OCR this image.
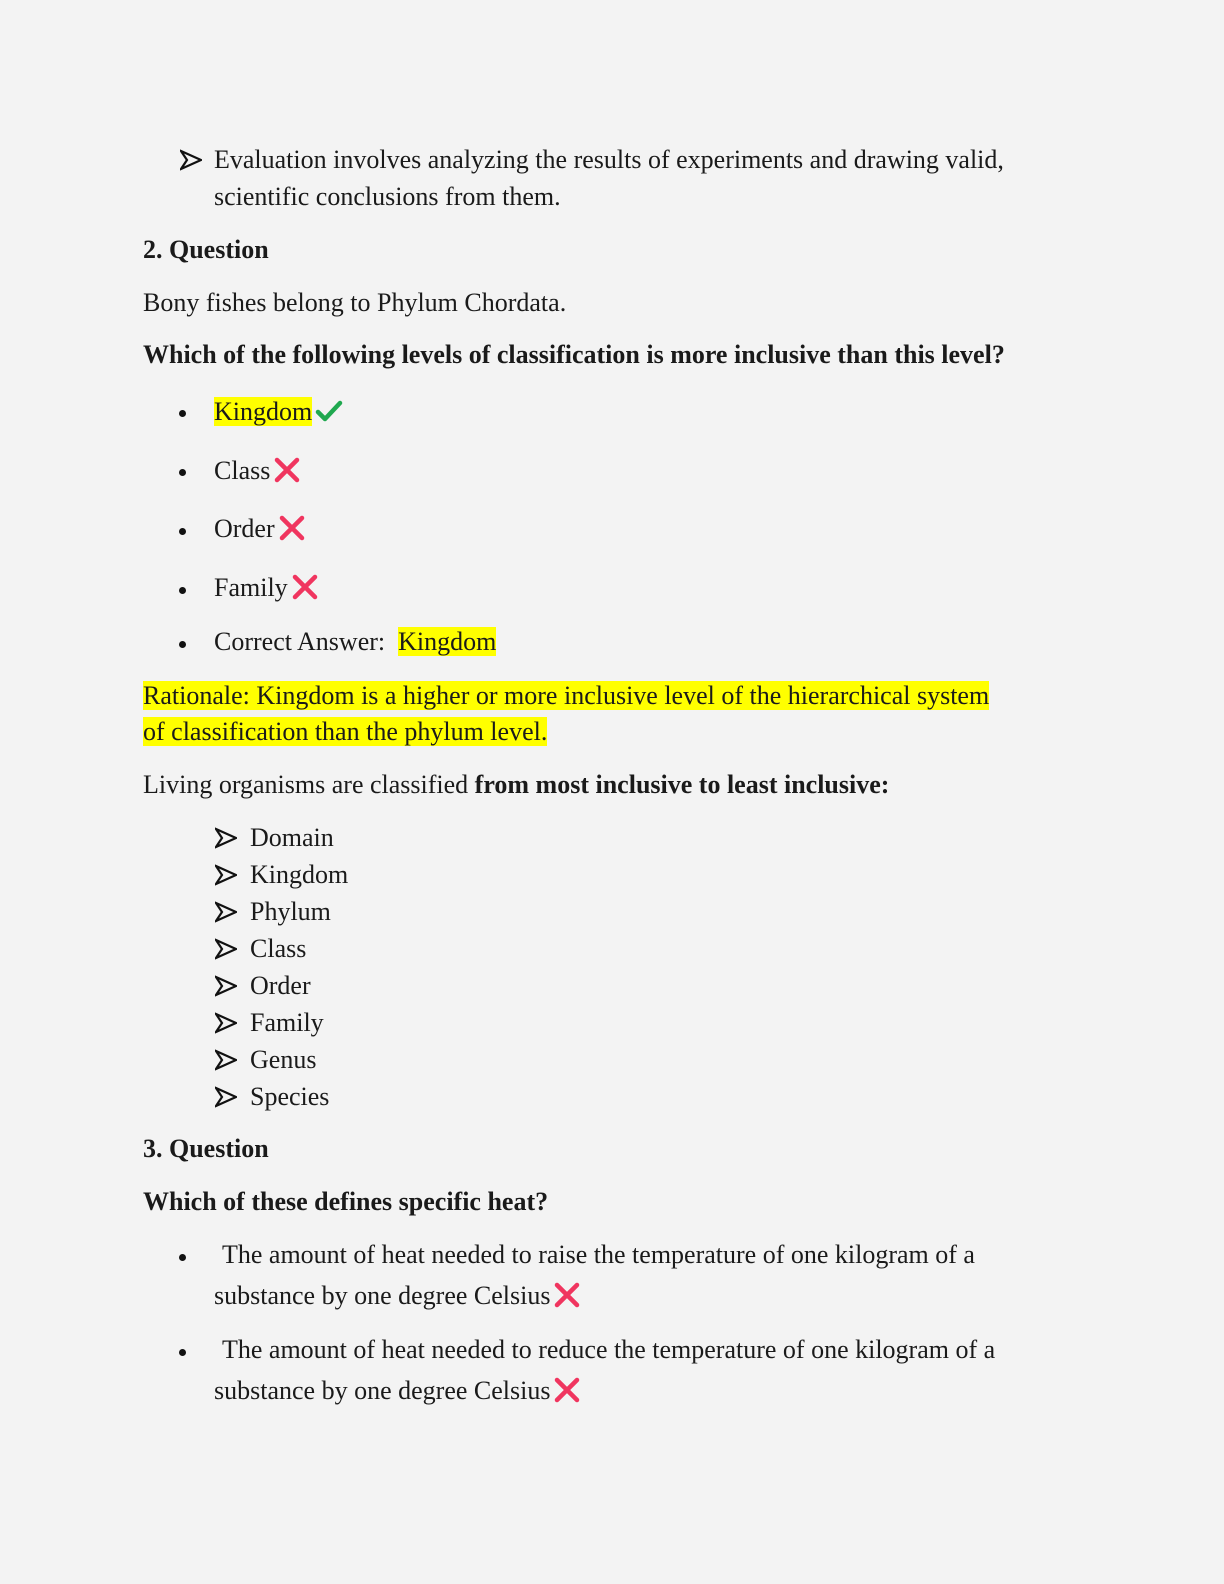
Evaluation involves analyzing the results of experiments and drawing valid,
scientific conclusions from them.
2. Question
Bony fishes belong to Phylum Chordata.
Which of the following levels of classification is more inclusive than this level?
Kingdom
Class
Order
Family
Correct Answer: Kingdom
Rationale: Kingdom is a higher or more inclusive level of the hierarchical system
of classification than the phylum level.
Living organisms are classified from most inclusive to least inclusive:
Domain
Kingdom
Phylum
Class
Order
Family
Genus
Species
3. Question
Which of these defines specific heat?
The amount of heat needed to raise the temperature of one kilogram of a
substance by one degree Celsius
The amount of heat needed to reduce the temperature of one kilogram of a
substance by one degree Celsius
